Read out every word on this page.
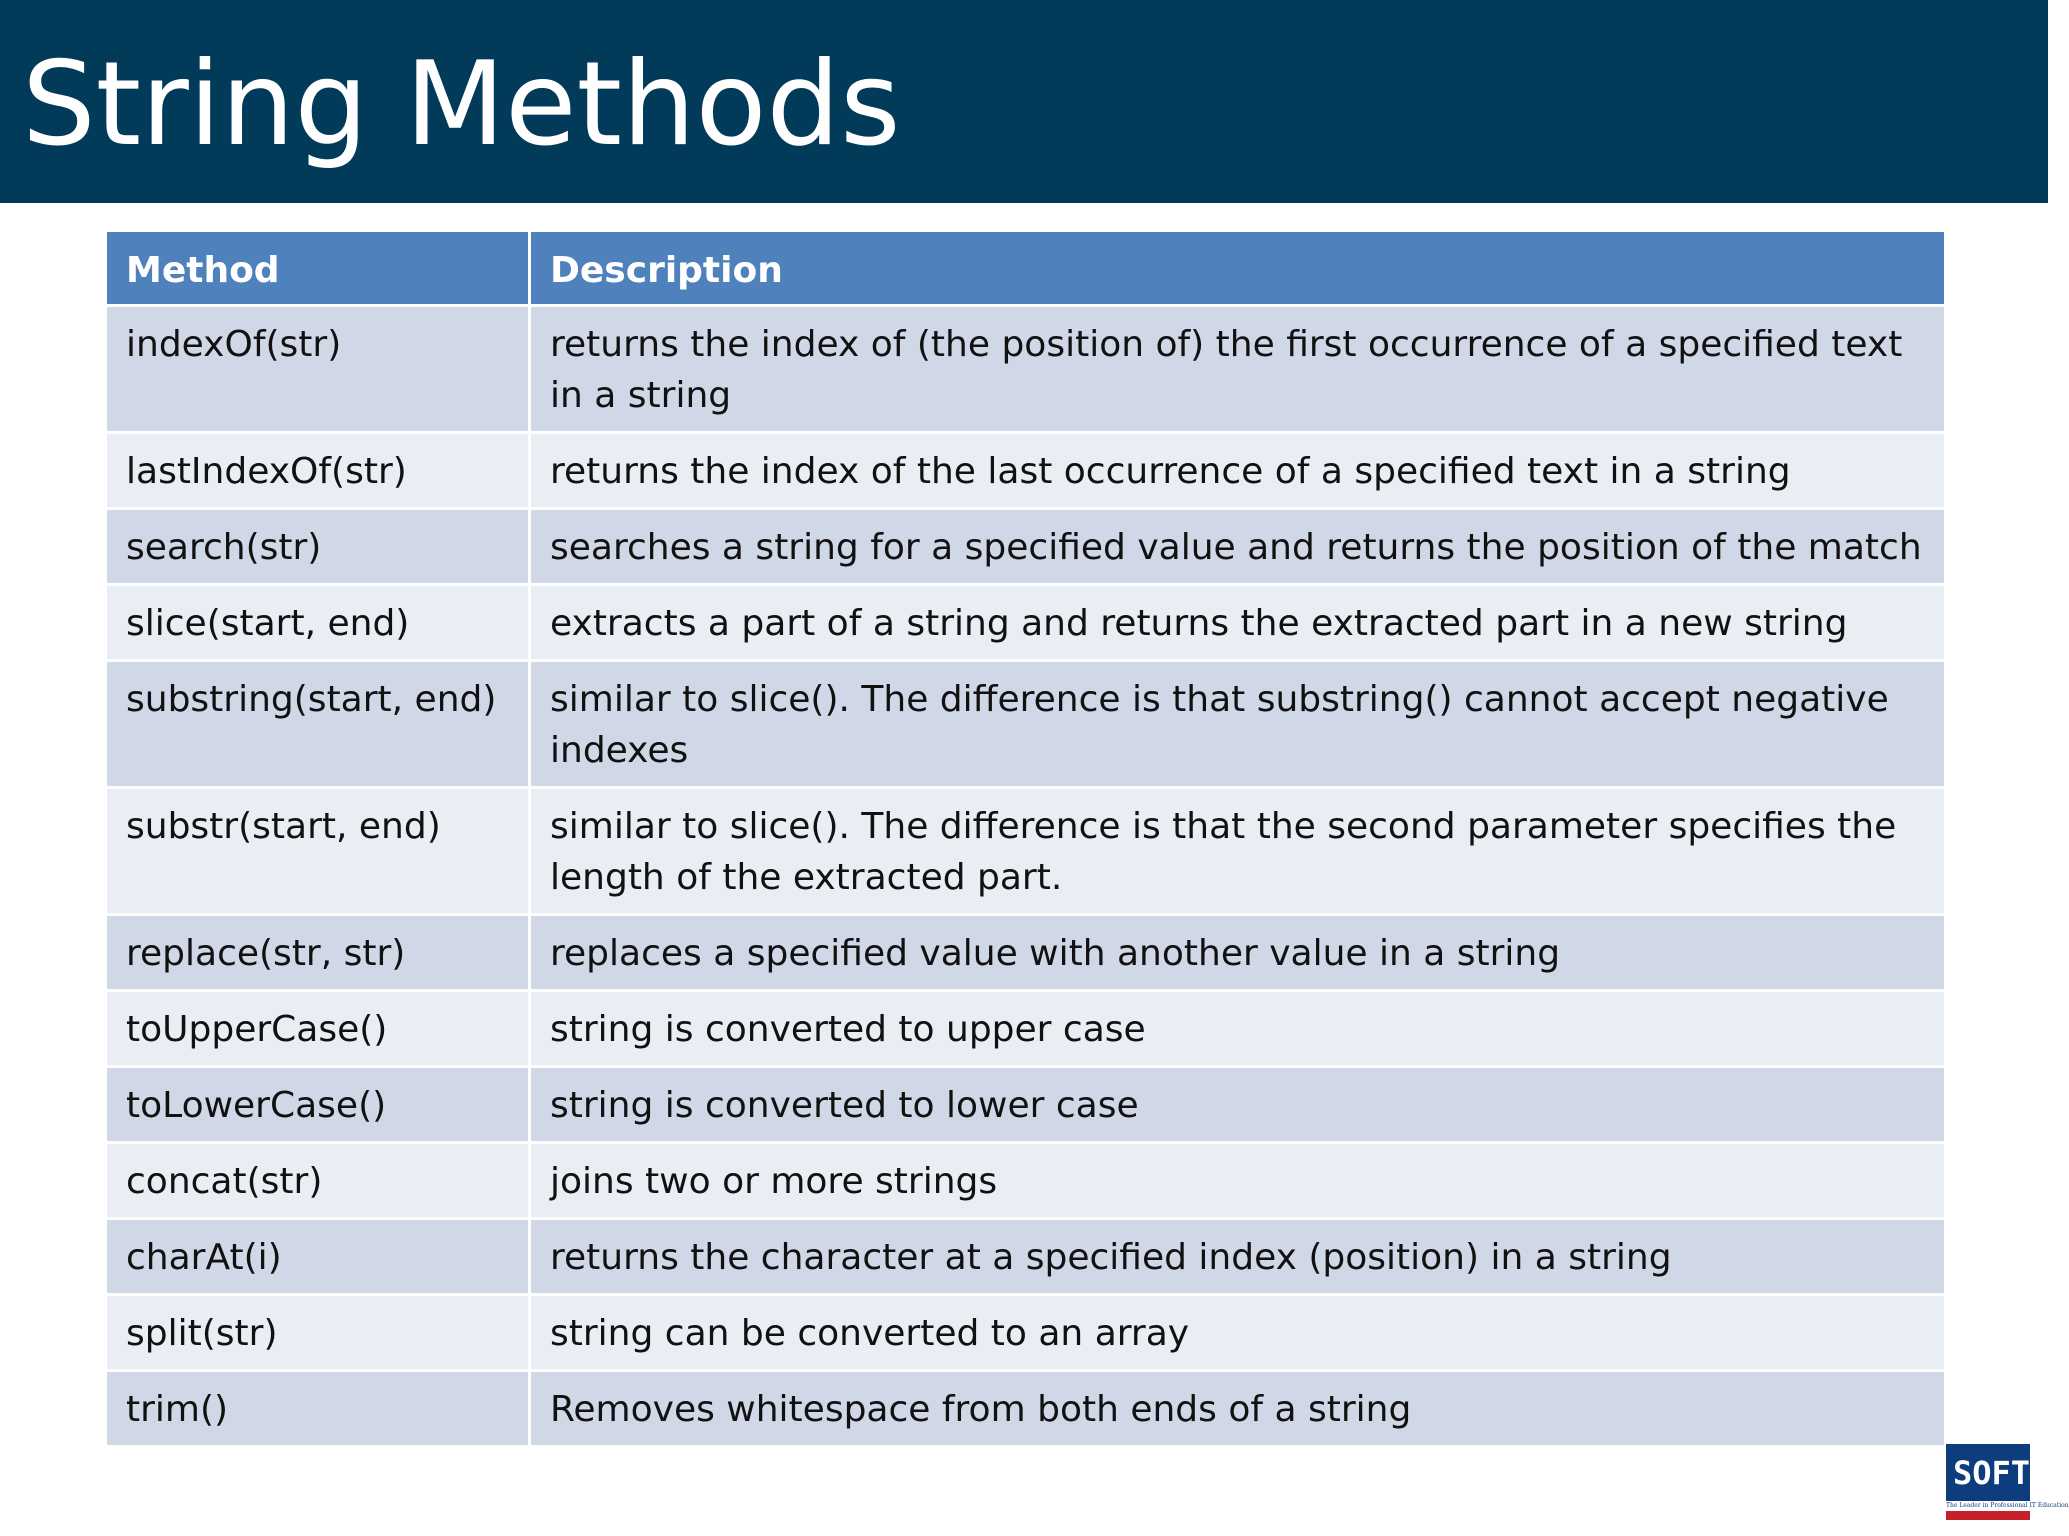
String Methods
Method	Description
indexOf(str)	returns the index of (the position of) the first occurrence of a specified text in a string
lastIndexOf(str)	returns the index of the last occurrence of a specified text in a string
search(str)	searches a string for a specified value and returns the position of the match
slice(start, end)	extracts a part of a string and returns the extracted part in a new string
substring(start, end)	similar to slice(). The difference is that substring() cannot accept negative indexes
substr(start, end)	similar to slice(). The difference is that the second parameter specifies the length of the extracted part.
replace(str, str)	replaces a specified value with another value in a string
toUpperCase()	string is converted to upper case
toLowerCase()	string is converted to lower case
concat(str)	joins two or more strings
charAt(i)	returns the character at a specified index (position) in a string
split(str)	string can be converted to an array
trim()	Removes whitespace from both ends of a string
SOFT
The Leader in Professional IT Education
